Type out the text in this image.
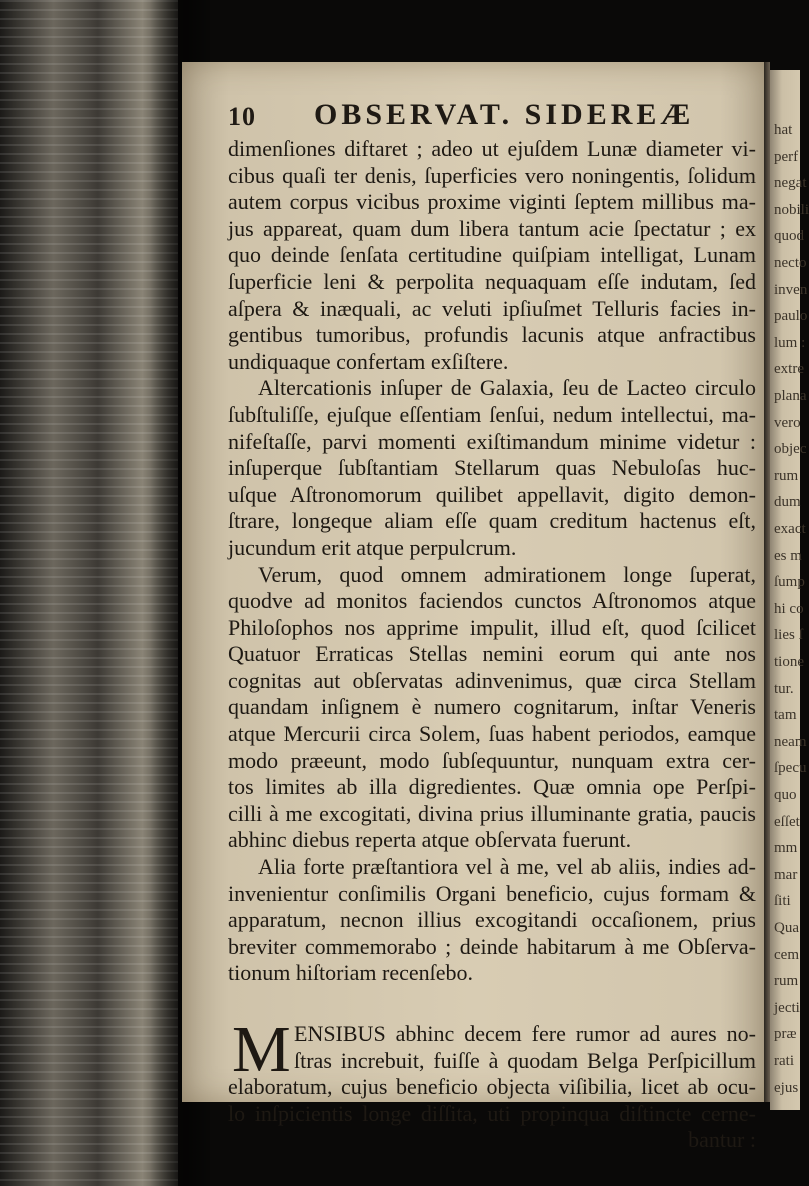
hat
perf
negat
nobili
quod
necto
inven
paulo
lum :
extre
plana
vero
objec
rum
dum
exact
es m
ſump
hi co
lies ſ
tione
tur.
tam
neam
ſpecu
quo
eſſet
mm
mar
ſiti
Qua
cem
rum
jecti
præ
rati
ejus
10 OBSERVAT. SIDEREÆ
dimenſiones diftaret ; adeo ut ejuſdem Lunæ diameter vi-
cibus quaſi ter denis, ſuperficies vero noningentis, ſolidum
autem corpus vicibus proxime viginti ſeptem millibus ma-
jus appareat, quam dum libera tantum acie ſpectatur ; ex
quo deinde ſenſata certitudine quiſpiam intelligat, Lunam
ſuperficie leni & perpolita nequaquam eſſe indutam, ſed
aſpera & inæquali, ac veluti ipſiuſmet Telluris facies in-
gentibus tumoribus, profundis lacunis atque anfractibus
undiquaque confertam exſiſtere.
Altercationis inſuper de Galaxia, ſeu de Lacteo circulo
ſubſtuliſſe, ejuſque eſſentiam ſenſui, nedum intellectui, ma-
nifeſtaſſe, parvi momenti exiſtimandum minime videtur :
inſuperque ſubſtantiam Stellarum quas Nebuloſas huc-
uſque Aſtronomorum quilibet appellavit, digito demon-
ſtrare, longeque aliam eſſe quam creditum hactenus eſt,
jucundum erit atque perpulcrum.
Verum, quod omnem admirationem longe ſuperat,
quodve ad monitos faciendos cunctos Aſtronomos atque
Philoſophos nos apprime impulit, illud eſt, quod ſcilicet
Quatuor Erraticas Stellas nemini eorum qui ante nos
cognitas aut obſervatas adinvenimus, quæ circa Stellam
quandam inſignem è numero cognitarum, inſtar Veneris
atque Mercurii circa Solem, ſuas habent periodos, eamque
modo præeunt, modo ſubſequuntur, nunquam extra cer-
tos limites ab illa digredientes. Quæ omnia ope Perſpi-
cilli à me excogitati, divina prius illuminante gratia, paucis
abhinc diebus reperta atque obſervata fuerunt.
Alia forte præſtantiora vel à me, vel ab aliis, indies ad-
invenientur conſimilis Organi beneficio, cujus formam &
apparatum, necnon illius excogitandi occaſionem, prius
breviter commemorabo ; deinde habitarum à me Obſerva-
tionum hiſtoriam recenſebo.
M ENSIBUS abhinc decem fere rumor ad aures no-
ſtras increbuit, fuiſſe à quodam Belga Perſpicillum
elaboratum, cujus beneficio objecta viſibilia, licet ab ocu-
lo inſpicientis longe diſſita, uti propinqua diſtincte cerne-
bantur :
